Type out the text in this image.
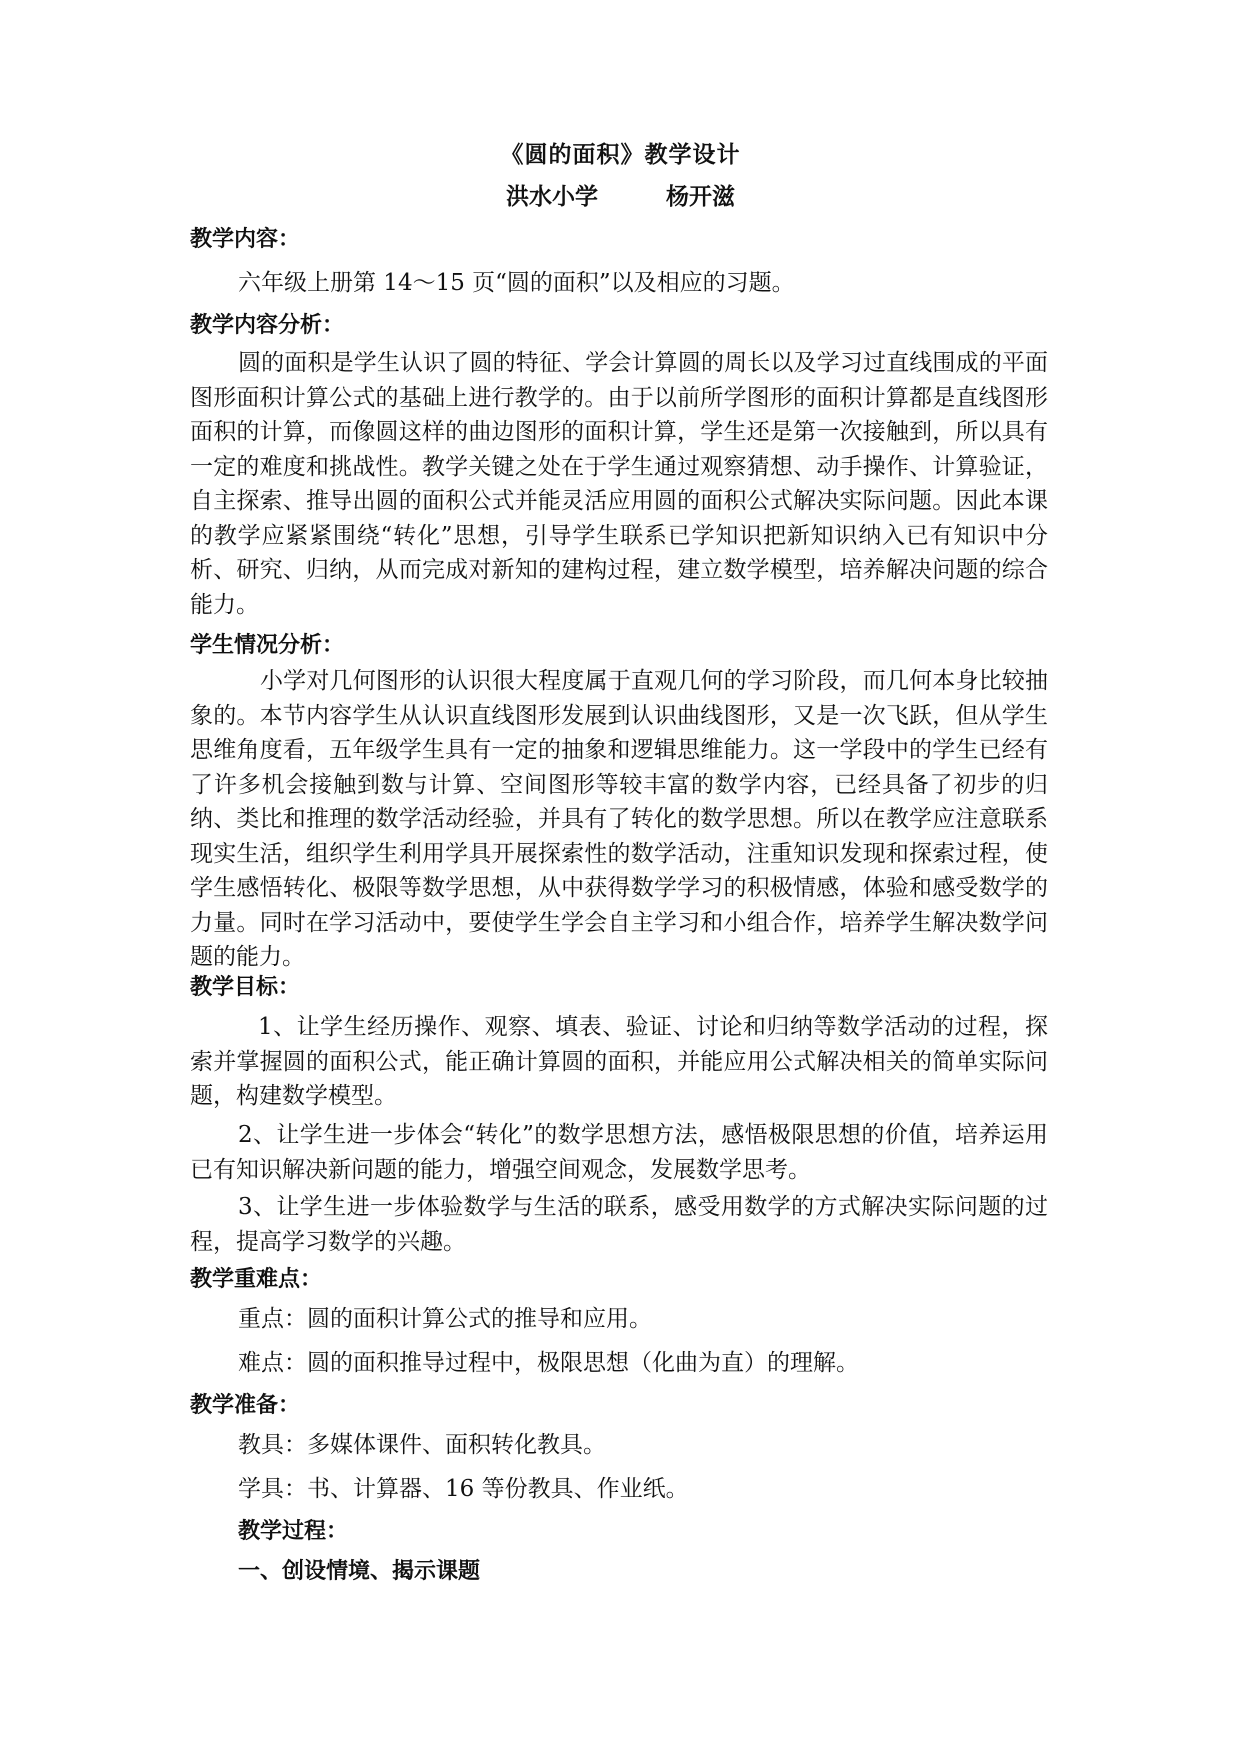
《圆的面积》教学设计
洪水小学	杨开滋
教学内容：
六年级上册第 14～15 页“圆的面积”以及相应的习题。
教学内容分析：

圆的面积是学生认识了圆的特征、学会计算圆的周长以及学习过直线围成的平面图形面积计算公式的基础上进行教学的。由于以前所学图形的面积计算都是直线图形面积的计算，而像圆这样的曲边图形的面积计算，学生还是第一次接触到，所以具有一定的难度和挑战性。教学关键之处在于学生通过观察猜想、动手操作、计算验证，自主探索、推导出圆的面积公式并能灵活应用圆的面积公式解决实际问题。因此本课的教学应紧紧围绕“转化”思想，引导学生联系已学知识把新知识纳入已有知识中分析、研究、归纳，从而完成对新知的建构过程，建立数学模型，培养解决问题的综合能力。

学生情况分析：

小学对几何图形的认识很大程度属于直观几何的学习阶段，而几何本身比较抽象的。本节内容学生从认识直线图形发展到认识曲线图形，又是一次飞跃，但从学生思维角度看，五年级学生具有一定的抽象和逻辑思维能力。这一学段中的学生已经有了许多机会接触到数与计算、空间图形等较丰富的数学内容，已经具备了初步的归纳、类比和推理的数学活动经验，并具有了转化的数学思想。所以在教学应注意联系现实生活，组织学生利用学具开展探索性的数学活动，注重知识发现和探索过程，使学生感悟转化、极限等数学思想，从中获得数学学习的积极情感，体验和感受数学的力量。同时在学习活动中，要使学生学会自主学习和小组合作，培养学生解决数学问题的能力。

教学目标：

1、让学生经历操作、观察、填表、验证、讨论和归纳等数学活动的过程，探索并掌握圆的面积公式，能正确计算圆的面积，并能应用公式解决相关的简单实际问题，构建数学模型。

2、让学生进一步体会“转化”的数学思想方法，感悟极限思想的价值，培养运用已有知识解决新问题的能力，增强空间观念，发展数学思考。

3、让学生进一步体验数学与生活的联系，感受用数学的方式解决实际问题的过程，提高学习数学的兴趣。

教学重难点：
重点：圆的面积计算公式的推导和应用。
难点：圆的面积推导过程中，极限思想（化曲为直）的理解。
教学准备：
教具：多媒体课件、面积转化教具。
学具：书、计算器、16 等份教具、作业纸。
教学过程：
一、创设情境、揭示课题
